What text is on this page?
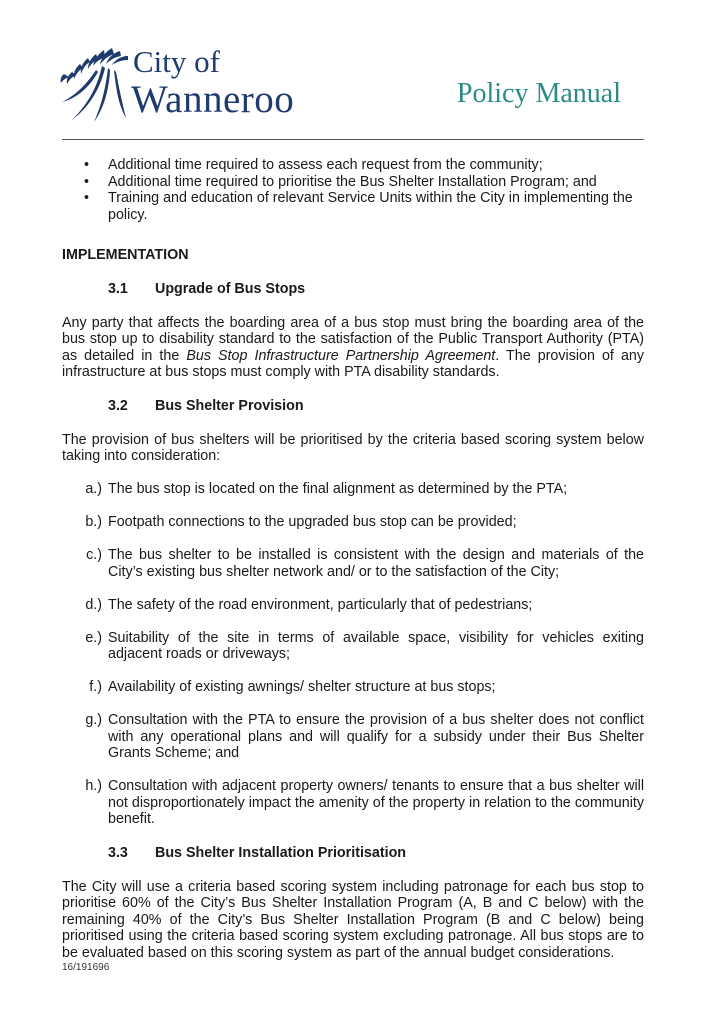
City of
Wanneroo	Policy Manual
• Additional time required to assess each request from the community;
• Additional time required to prioritise the Bus Shelter Installation Program; and
• Training and education of relevant Service Units within the City in implementing the policy.
IMPLEMENTATION
3.1 Upgrade of Bus Stops
Any party that affects the boarding area of a bus stop must bring the boarding area of the bus stop up to disability standard to the satisfaction of the Public Transport Authority (PTA) as detailed in the Bus Stop Infrastructure Partnership Agreement. The provision of any infrastructure at bus stops must comply with PTA disability standards.
3.2 Bus Shelter Provision
The provision of bus shelters will be prioritised by the criteria based scoring system below taking into consideration:
a.) The bus stop is located on the final alignment as determined by the PTA;
b.) Footpath connections to the upgraded bus stop can be provided;
c.) The bus shelter to be installed is consistent with the design and materials of the City’s existing bus shelter network and/ or to the satisfaction of the City;
d.) The safety of the road environment, particularly that of pedestrians;
e.) Suitability of the site in terms of available space, visibility for vehicles exiting adjacent roads or driveways;
f.) Availability of existing awnings/ shelter structure at bus stops;
g.) Consultation with the PTA to ensure the provision of a bus shelter does not conflict with any operational plans and will qualify for a subsidy under their Bus Shelter Grants Scheme; and
h.) Consultation with adjacent property owners/ tenants to ensure that a bus shelter will not disproportionately impact the amenity of the property in relation to the community benefit.
3.3 Bus Shelter Installation Prioritisation
The City will use a criteria based scoring system including patronage for each bus stop to prioritise 60% of the City’s Bus Shelter Installation Program (A, B and C below) with the remaining 40% of the City’s Bus Shelter Installation Program (B and C below) being prioritised using the criteria based scoring system excluding patronage. All bus stops are to be evaluated based on this scoring system as part of the annual budget considerations.
16/191696
